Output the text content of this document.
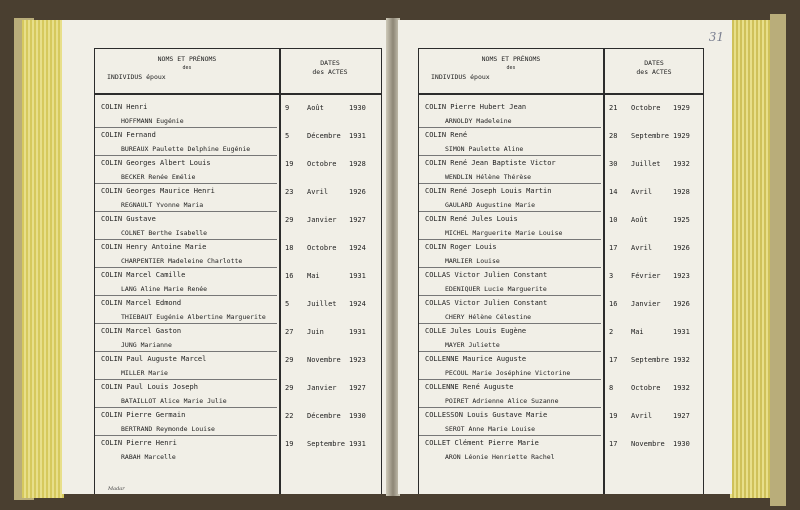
NOMS ET PRÉNOMS
des
INDIVIDUS époux
DATES
des ACTES
COLIN Henri
HOFFMANN Eugénie
9	Août	1930
COLIN Fernand
BUREAUX Paulette Delphine Eugénie
5	Décembre 1931
COLIN Georges Albert Louis
BECKER Renée Emélie
19 Octobre 1928
COLIN Georges Maurice Henri
REGNAULT Yvonne Maria
23 Avril	1926
COLIN Gustave
COLNET Berthe Isabelle
29 Janvier 1927
COLIN Henry Antoine Marie
CHARPENTIER Madeleine Charlotte
18 Octobre 1924
COLIN Marcel Camille
LANG Aline Marie Renée
16 Mai	1931
COLIN Marcel Edmond
THIEBAUT Eugénie Albertine Marguerite
5	Juillet 1924
COLIN Marcel Gaston
JUNG Marianne
27 Juin	1931
COLIN Paul Auguste Marcel
MILLER Marie
29 Novembre 1923
COLIN Paul Louis Joseph
BATAILLOT Alice Marie Julie
29 Janvier 1927
COLIN Pierre Germain
BERTRAND Reymonde Louise
22 Décembre 1930
COLIN Pierre Henri
RABAH Marcelle
19 Septembre 1931
Madar
31
NOMS ET PRÉNOMS
des
INDIVIDUS époux
DATES
des ACTES
COLIN Pierre Hubert Jean
ARNOLDY Madeleine
21 Octobre 1929
COLIN René
SIMON Paulette Aline
28 Septembre 1929
COLIN René Jean Baptiste Victor
WENDLIN Hélène Thérèse
30 Juillet 1932
COLIN René Joseph Louis Martin
GAULARD Augustine Marie
14 Avril	1928
COLIN René Jules Louis
MICHEL Marguerite Marie Louise
10 Août	1925
COLIN Roger Louis
MARLIER Louise
17 Avril	1926
COLLAS Victor Julien Constant
EDENIQUER Lucie Marguerite
3	Février 1923
COLLAS Victor Julien Constant
CHERY Hélène Célestine
16 Janvier 1926
COLLE Jules Louis Eugène
MAYER Juliette
2	Mai	1931
COLLENNE Maurice Auguste
PECOUL Marie Joséphine Victorine
17 Septembre 1932
COLLENNE René Auguste
POIRET Adrienne Alice Suzanne
8	Octobre 1932
COLLESSON Louis Gustave Marie
SEROT Anne Marie Louise
19 Avril	1927
COLLET Clément Pierre Marie
ARON Léonie Henriette Rachel
17 Novembre 1930
